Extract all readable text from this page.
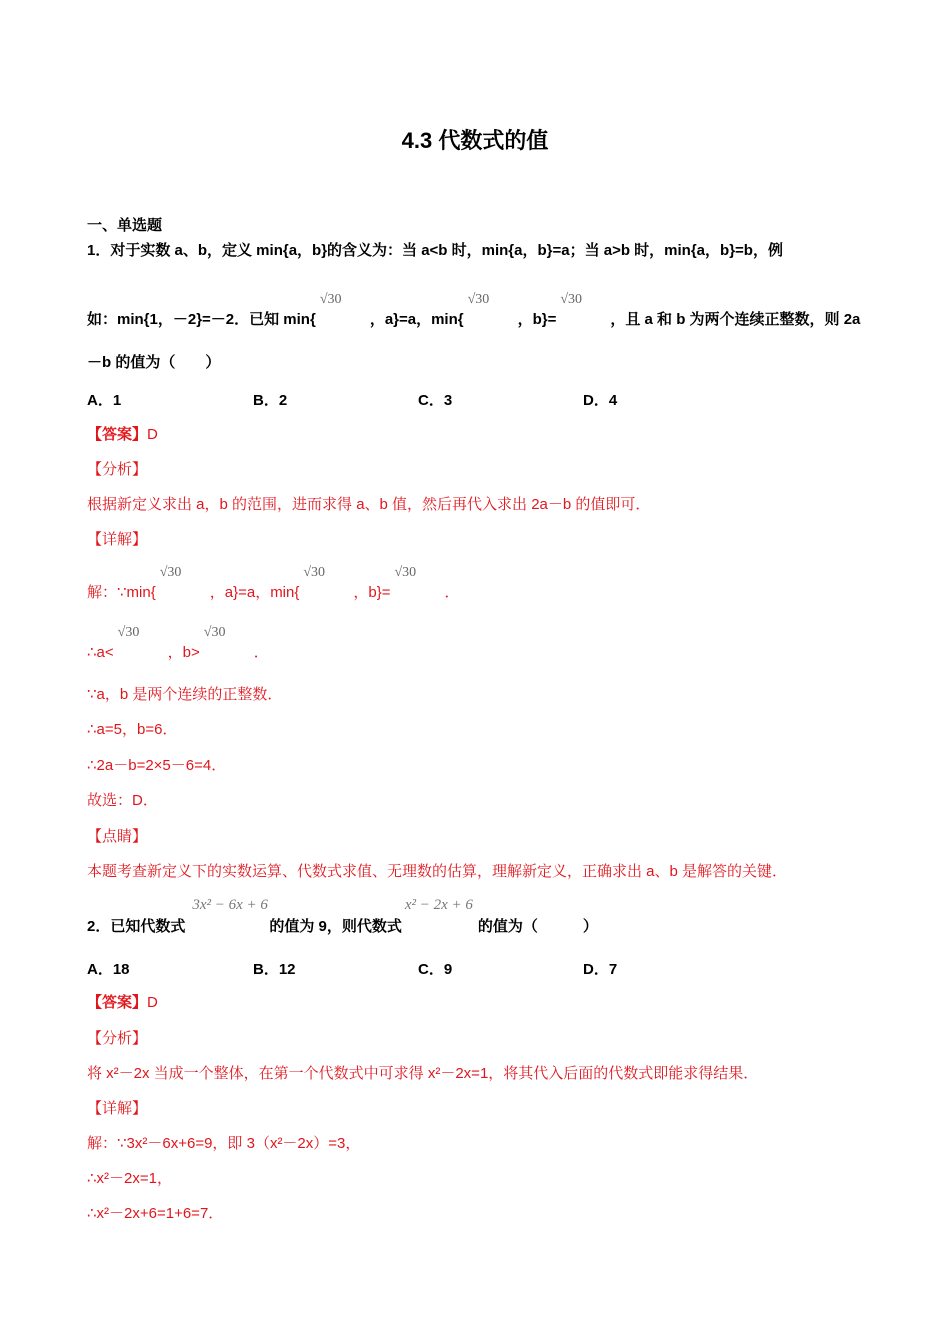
4.3 代数式的值
一、单选题
1．对于实数 a、b，定义 min{a，b}的含义为：当 a<b 时，min{a，b}=a；当 a>b 时，min{a，b}=b，例
如：min{1，－2}=－2．已知 min{
√30
，a}=a，min{
√30
，b}=
√30
，且 a 和 b 为两个连续正整数，则 2a
－b 的值为（　　）
A．1	B．2	C．3	D．4
【答案】D
【分析】
根据新定义求出 a，b 的范围，进而求得 a、b 值，然后再代入求出 2a－b 的值即可．
【详解】
解：∵min{
√30
，a}=a，min{
√30
，b}=
√30
．
∴a<
√30
，b>
√30
．
∵a，b 是两个连续的正整数．
∴a=5，b=6．
∴2a－b=2×5－6=4．
故选：D．
【点睛】
本题考查新定义下的实数运算、代数式求值、无理数的估算，理解新定义，正确求出 a、b 是解答的关键．
2．已知代数式
3x² − 6x + 6
的值为 9，则代数式
x² − 2x + 6
的值为（　　　）
A．18	B．12	C．9	D．7
【答案】D
【分析】
将 x²－2x 当成一个整体，在第一个代数式中可求得 x²－2x=1，将其代入后面的代数式即能求得结果．
【详解】
解：∵3x²－6x+6=9，即 3（x²－2x）=3，
∴x²－2x=1，
∴x²－2x+6=1+6=7．
